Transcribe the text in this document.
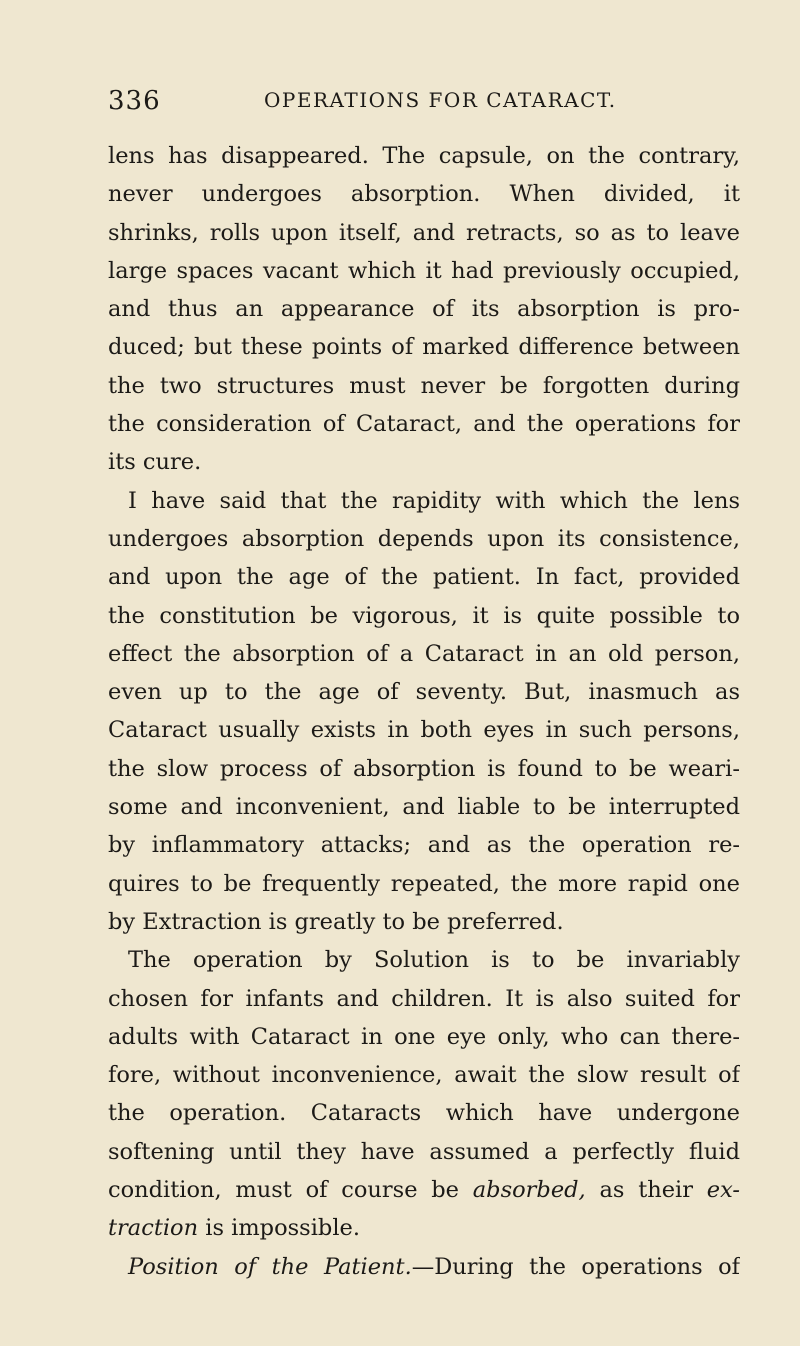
336	OPERATIONS FOR CATARACT.
lens has disappeared. The capsule, on the contrary,
never undergoes absorption. When divided, it
shrinks, rolls upon itself, and retracts, so as to leave
large spaces vacant which it had previously occupied,
and thus an appearance of its absorption is pro-
duced; but these points of marked difference between
the two structures must never be forgotten during
the consideration of Cataract, and the operations for
its cure.
I have said that the rapidity with which the lens
undergoes absorption depends upon its consistence,
and upon the age of the patient. In fact, provided
the constitution be vigorous, it is quite possible to
effect the absorption of a Cataract in an old person,
even up to the age of seventy. But, inasmuch as
Cataract usually exists in both eyes in such persons,
the slow process of absorption is found to be weari-
some and inconvenient, and liable to be interrupted
by inflammatory attacks; and as the operation re-
quires to be frequently repeated, the more rapid one
by Extraction is greatly to be preferred.
The operation by Solution is to be invariably
chosen for infants and children. It is also suited for
adults with Cataract in one eye only, who can there-
fore, without inconvenience, await the slow result of
the operation. Cataracts which have undergone
softening until they have assumed a perfectly fluid
condition, must of course be absorbed, as their ex-
traction is impossible.
Position of the Patient.—During the operations of
